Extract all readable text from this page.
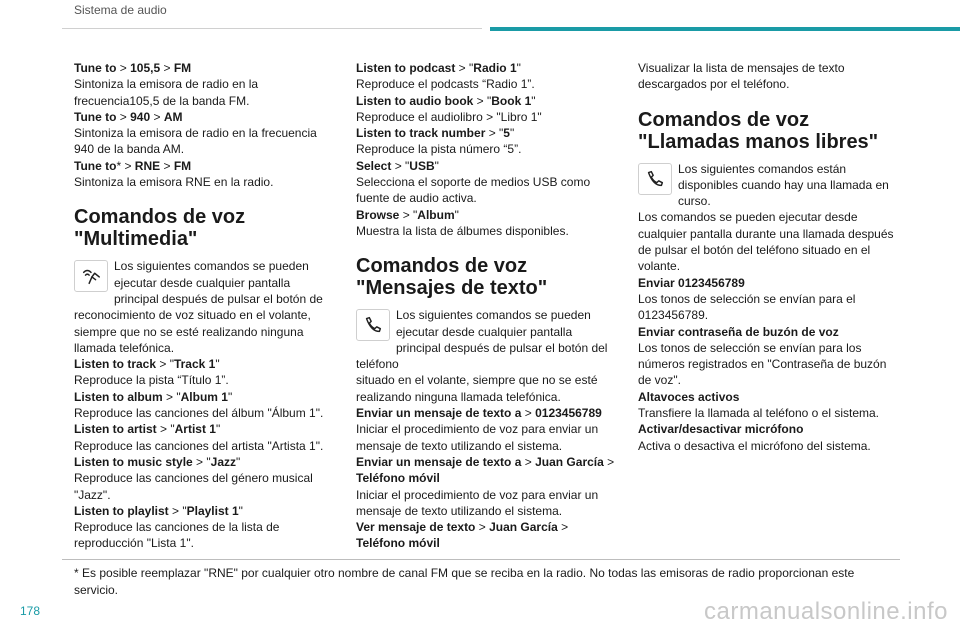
Sistema de audio

Tune to > 105,5 > FM

Sintoniza la emisora de radio en la

frecuencia105,5 de la banda FM.

Tune to > 940 > AM

Sintoniza la emisora de radio en la frecuencia

940 de la banda AM.

Tune to* > RNE > FM

Sintoniza la emisora RNE en la radio.

Comandos de voz
"Multimedia"

Los siguientes comandos se pueden

ejecutar desde cualquier pantalla

principal después de pulsar el botón de

reconocimiento de voz situado en el volante,

siempre que no se esté realizando ninguna

llamada telefónica.

Listen to track > "Track 1"

Reproduce la pista “Título 1”.

Listen to album > "Album 1"

Reproduce las canciones del álbum "Álbum 1".

Listen to artist > "Artist 1"

Reproduce las canciones del artista "Artista 1".

Listen to music style > "Jazz"

Reproduce las canciones del género musical

"Jazz".

Listen to playlist > "Playlist 1"

Reproduce las canciones de la lista de

reproducción "Lista 1".

Listen to podcast > "Radio 1"

Reproduce el podcasts “Radio 1”.

Listen to audio book > "Book 1"

Reproduce el audiolibro > "Libro 1"

Listen to track number > "5"

Reproduce la pista número “5”.

Select > "USB"

Selecciona el soporte de medios USB como

fuente de audio activa.

Browse > "Album"

Muestra la lista de álbumes disponibles.

Comandos de voz
"Mensajes de texto"

Los siguientes comandos se pueden

ejecutar desde cualquier pantalla

principal después de pulsar el botón del teléfono

situado en el volante, siempre que no se esté

realizando ninguna llamada telefónica.

Enviar un mensaje de texto a > 0123456789

Iniciar el procedimiento de voz para enviar un

mensaje de texto utilizando el sistema.

Enviar un mensaje de texto a > Juan García >

Teléfono móvil

Iniciar el procedimiento de voz para enviar un

mensaje de texto utilizando el sistema.

Ver mensaje de texto > Juan García >

Teléfono móvil

Visualizar la lista de mensajes de texto

descargados por el teléfono.

Comandos de voz
"Llamadas manos libres"

Los siguientes comandos están

disponibles cuando hay una llamada en

curso.

Los comandos se pueden ejecutar desde

cualquier pantalla durante una llamada después

de pulsar el botón del teléfono situado en el

volante.

Enviar 0123456789

Los tonos de selección se envían para el

0123456789.

Enviar contraseña de buzón de voz

Los tonos de selección se envían para los

números registrados en "Contraseña de buzón

de voz".

Altavoces activos

Transfiere la llamada al teléfono o el sistema.

Activar/desactivar micrófono

Activa o desactiva el micrófono del sistema.

* Es posible reemplazar "RNE" por cualquier otro nombre de canal FM que se reciba en la radio. No todas las emisoras de radio proporcionan este
servicio.
178	carmanualsonline.info
